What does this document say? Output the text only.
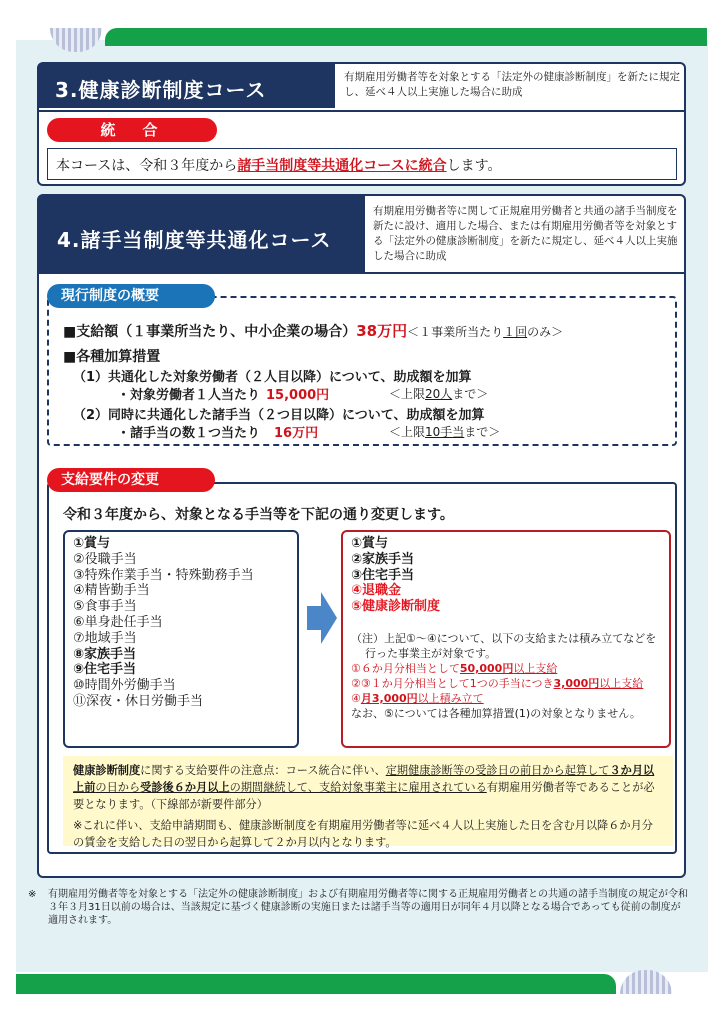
3.健康診断制度コース
有期雇用労働者等を対象とする「法定外の健康診断制度」を新たに規定し、延べ４人以上実施した場合に助成
統　合
本コースは、令和３年度から諸手当制度等共通化コースに統合します。
4.諸手当制度等共通化コース
有期雇用労働者等に関して正規雇用労働者と共通の諸手当制度を新たに設け、適用した場合、または有期雇用労働者等を対象とする「法定外の健康診断制度」を新たに規定し、延べ４人以上実施した場合に助成
■支給額（１事業所当たり、中小企業の場合）38万円＜１事業所当たり１回のみ＞
■各種加算措置
（1）共通化した対象労働者（２人目以降）について、助成額を加算
・対象労働者１人当たり 15,000円	＜上限20人まで＞
（2）同時に共通化した諸手当（２つ目以降）について、助成額を加算
・諸手当の数１つ当たり 16万円	＜上限10手当まで＞
現行制度の概要
令和３年度から、対象となる手当等を下記の通り変更します。
①賞与
②役職手当
③特殊作業手当・特殊勤務手当
④精皆勤手当
⑤食事手当
⑥単身赴任手当
⑦地域手当
⑧家族手当
⑨住宅手当
⑩時間外労働手当
⑪深夜・休日労働手当
①賞与
②家族手当
③住宅手当
④退職金
⑤健康診断制度
（注）上記①～④について、以下の支給または積み立てなどを
行った事業主が対象です。
①６か月分相当として50,000円以上支給
②③１か月分相当として1つの手当につき3,000円以上支給
④月3,000円以上積み立て
なお、⑤については各種加算措置(1)の対象となりません。

健康診断制度に関する支給要件の注意点：コース統合に伴い、定期健康診断等の受診日の前日から起算して３か月以上前の日から受診後６か月以上の期間継続して、支給対象事業主に雇用されている有期雇用労働者等であることが必要となります。（下線部が新要件部分）

※これに伴い、支給申請期間も、健康診断制度を有期雇用労働者等に延べ４人以上実施した日を含む月以降６か月分の賃金を支給した日の翌日から起算して２か月以内となります。

支給要件の変更
※ 有期雇用労働者等を対象とする「法定外の健康診断制度」および有期雇用労働者等に関する正規雇用労働者との共通の諸手当制度の規定が令和３年３月31日以前の場合は、当該規定に基づく健康診断の実施日または諸手当等の適用日が同年４月以降となる場合であっても従前の制度が適用されます。
